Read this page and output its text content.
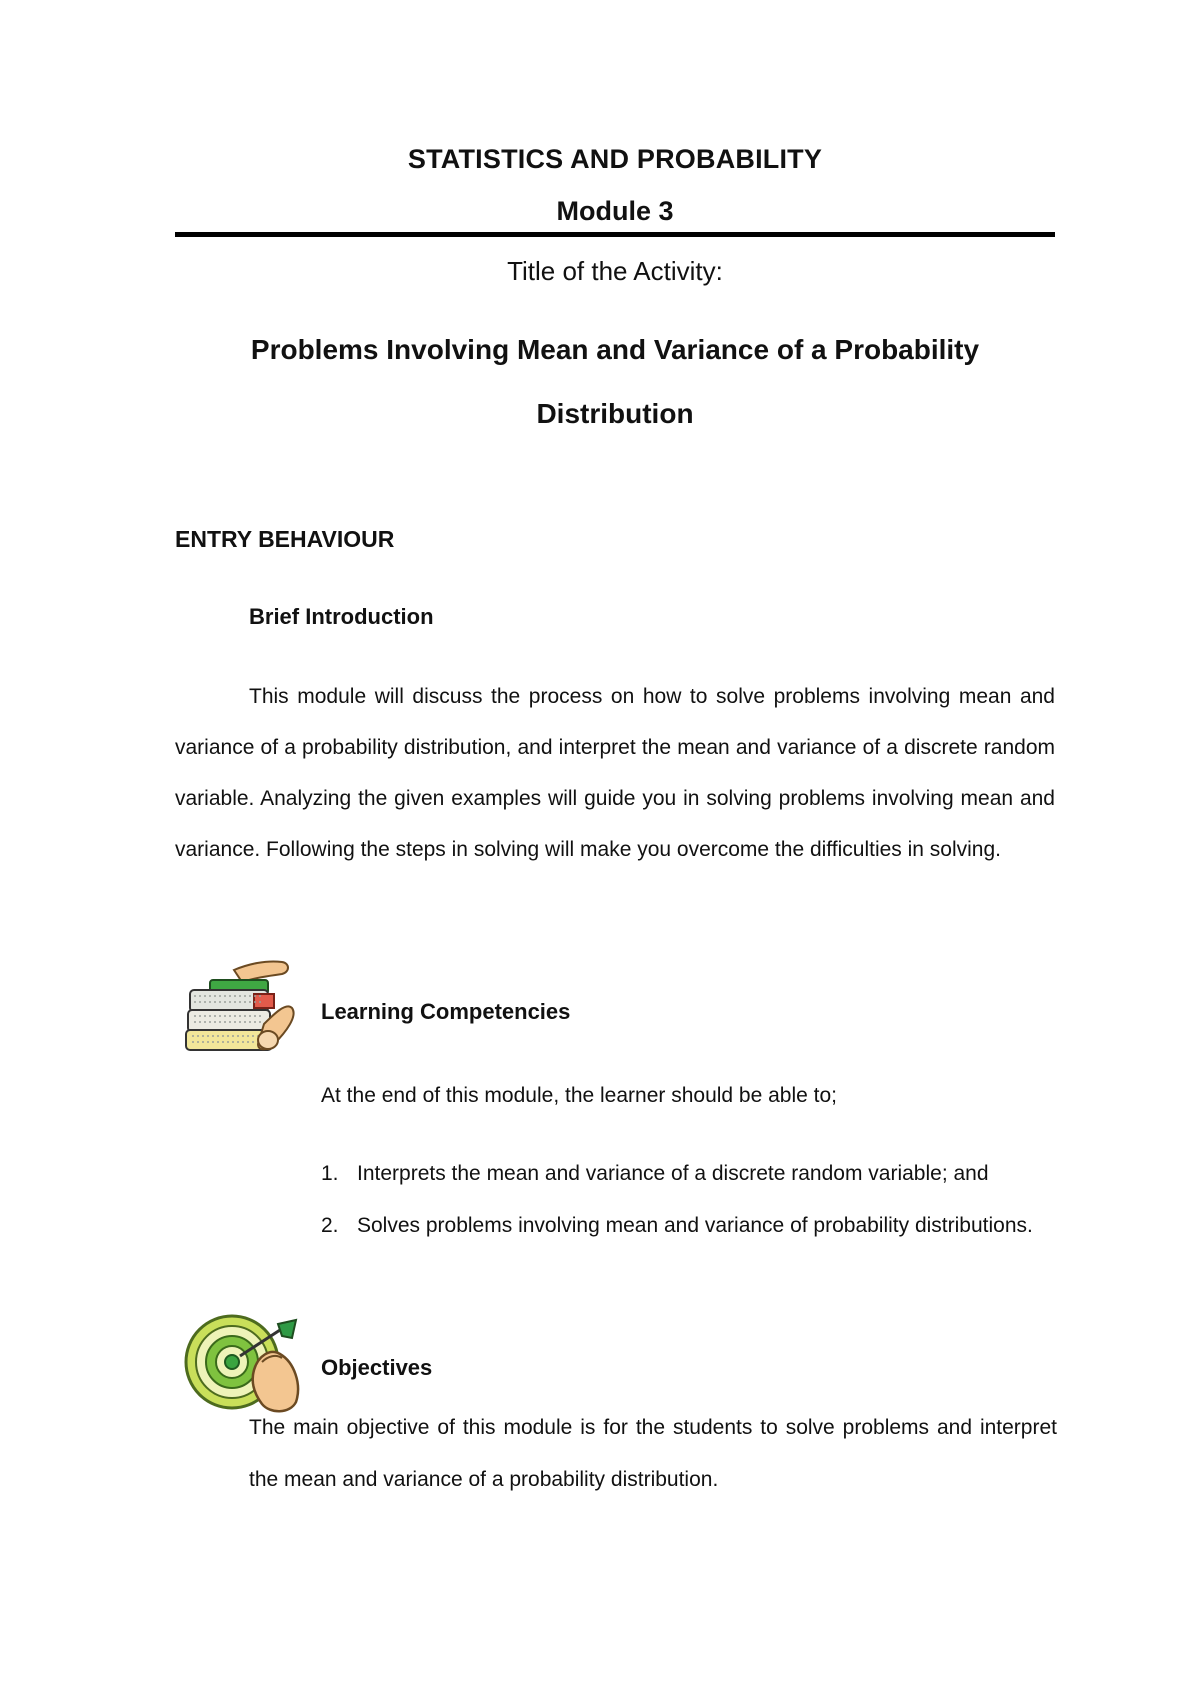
STATISTICS AND PROBABILITY
Module 3

Title of the Activity:

Problems Involving Mean and Variance of a Probability
Distribution
ENTRY BEHAVIOUR
Brief Introduction

This module will discuss the process on how to solve problems involving mean and variance of a probability distribution, and interpret the mean and variance of a discrete random variable. Analyzing the given examples will guide you in solving problems involving mean and variance. Following the steps in solving will make you overcome the difficulties in solving.

Learning Competencies

At the end of this module, the learner should be able to;

1. Interprets the mean and variance of a discrete random variable; and
2. Solves problems involving mean and variance of probability distributions.
Objectives

The main objective of this module is for the students to solve problems and interpret the mean and variance of a probability distribution.
